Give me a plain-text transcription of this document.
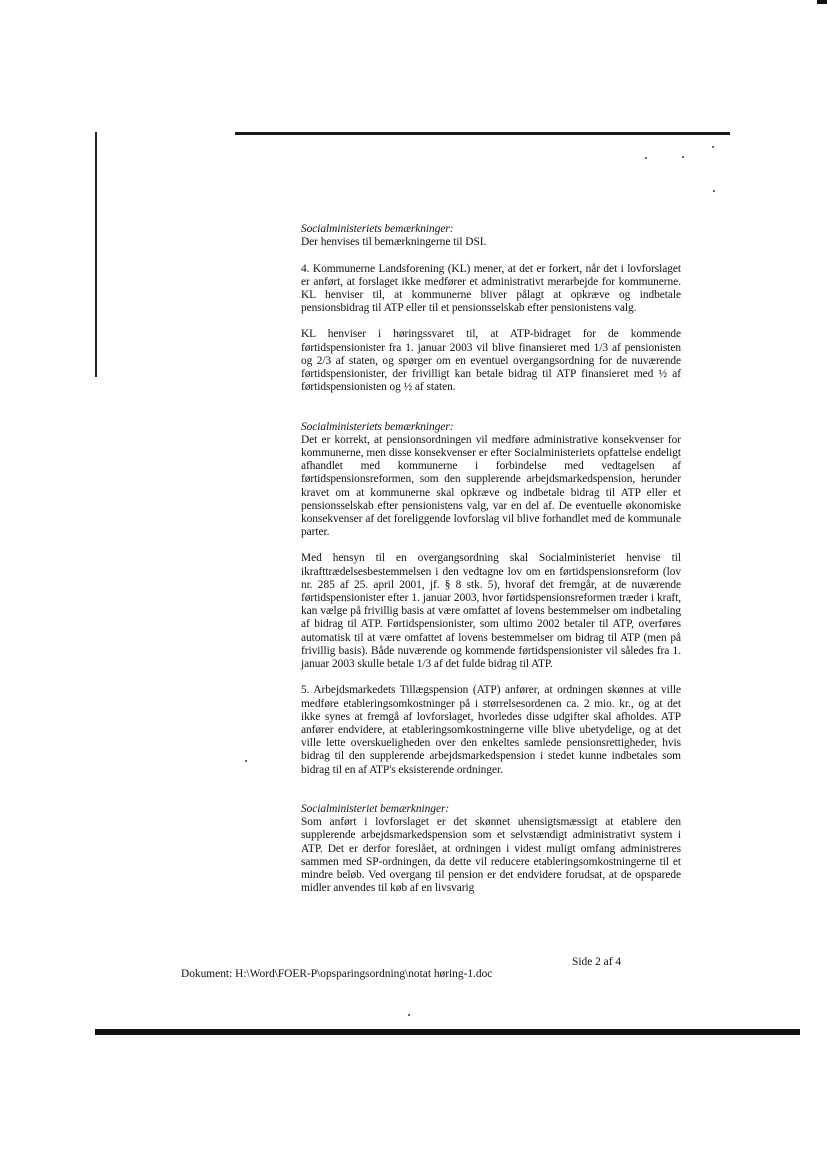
Socialministeriets bemærkninger:
Der henvises til bemærkningerne til DSI.

4. Kommunerne Landsforening (KL) mener, at det er forkert, når det i lovforslaget er anført, at forslaget ikke medfører et administrativt merarbejde for kommunerne. KL henviser til, at kommunerne bliver pålagt at opkræve og indbetale pensionsbidrag til ATP eller til et pensionsselskab efter pensionistens valg.

KL henviser i høringssvaret til, at ATP-bidraget for de kommende førtidspensionister fra 1. januar 2003 vil blive finansieret med 1/3 af pensionisten og 2/3 af staten, og spørger om en eventuel overgangsordning for de nuværende førtidspensionister, der frivilligt kan betale bidrag til ATP finansieret med ½ af førtidspensionisten og ½ af staten.

Socialministeriets bemærkninger:
Det er korrekt, at pensionsordningen vil medføre administrative konsekvenser for kommunerne, men disse konsekvenser er efter Socialministeriets opfattelse endeligt afhandlet med kommunerne i forbindelse med vedtagelsen af førtidspensionsreformen, som den supplerende arbejdsmarkedspension, herunder kravet om at kommunerne skal opkræve og indbetale bidrag til ATP eller et pensionsselskab efter pensionistens valg, var en del af. De eventuelle økonomiske konsekvenser af det foreliggende lovforslag vil blive forhandlet med de kommunale parter.

Med hensyn til en overgangsordning skal Socialministeriet henvise til ikrafttrædelsesbestemmelsen i den vedtagne lov om en førtidspensionsreform (lov nr. 285 af 25. april 2001, jf. § 8 stk. 5), hvoraf det fremgår, at de nuværende førtidspensionister efter 1. januar 2003, hvor førtidspensionsreformen træder i kraft, kan vælge på frivillig basis at være omfattet af lovens bestemmelser om indbetaling af bidrag til ATP. Førtidspensionister, som ultimo 2002 betaler til ATP, overføres automatisk til at være omfattet af lovens bestemmelser om bidrag til ATP (men på frivillig basis). Både nuværende og kommende førtidspensionister vil således fra 1. januar 2003 skulle betale 1/3 af det fulde bidrag til ATP.

5. Arbejdsmarkedets Tillægspension (ATP) anfører, at ordningen skønnes at ville medføre etableringsomkostninger på i størrelsesordenen ca. 2 mio. kr., og at det ikke synes at fremgå af lovforslaget, hvorledes disse udgifter skal afholdes. ATP anfører endvidere, at etableringsomkostningerne ville blive ubetydelige, og at det ville lette overskueligheden over den enkeltes samlede pensionsrettigheder, hvis bidrag til den supplerende arbejdsmarkedspension i stedet kunne indbetales som bidrag til en af ATP's eksisterende ordninger.

Socialministeriet bemærkninger:
Som anført i lovforslaget er det skønnet uhensigtsmæssigt at etablere den supplerende arbejdsmarkedspension som et selvstændigt administrativt system i ATP. Det er derfor foreslået, at ordningen i videst muligt omfang administreres sammen med SP-ordningen, da dette vil reducere etableringsomkostningerne til et mindre beløb. Ved overgang til pension er det endvidere forudsat, at de opsparede midler anvendes til køb af en livsvarig

Side 2 af 4
Dokument: H:\Word\FOER-P\opsparingsordning\notat høring-1.doc
